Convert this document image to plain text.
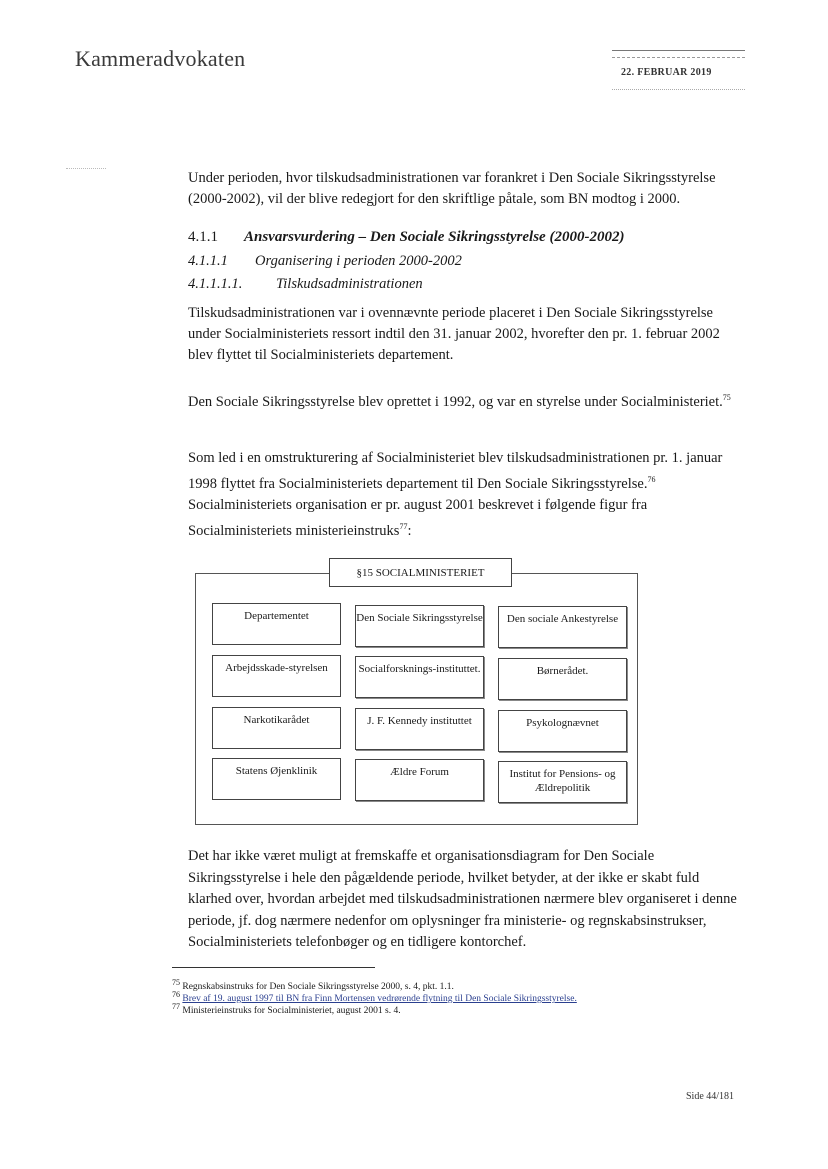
Kammeradvokaten
22. FEBRUAR 2019
Under perioden, hvor tilskudsadministrationen var forankret i Den Sociale Sikringsstyrelse (2000-2002), vil der blive redegjort for den skriftlige påtale, som BN modtog i 2000.
4.1.1 Ansvarsvurdering – Den Sociale Sikringsstyrelse (2000-2002)
4.1.1.1 Organisering i perioden 2000-2002
4.1.1.1.1. Tilskudsadministrationen
Tilskudsadministrationen var i ovennævnte periode placeret i Den Sociale Sikringsstyrelse under Socialministeriets ressort indtil den 31. januar 2002, hvorefter den pr. 1. februar 2002 blev flyttet til Socialministeriets departement.
Den Sociale Sikringsstyrelse blev oprettet i 1992, og var en styrelse under Socialministeriet.$^{75}$
Som led i en omstrukturering af Socialministeriet blev tilskudsadministrationen pr. 1. januar 1998 flyttet fra Socialministeriets departement til Den Sociale Sikringsstyrelse.$^{76}$ Socialministeriets organisation er pr. august 2001 beskrevet i følgende figur fra Socialministeriets ministerieinstruks$^{77}$:
§15 SOCIALMINISTERIET
Departementet	Den Sociale Sikringsstyrelse	Den sociale Ankestyrelse
Arbejdsskade-styrelsen	Socialforsknings-instituttet.	Børnerådet.
Narkotikarådet	J. F. Kennedy instituttet	Psykolognævnet
Statens Øjenklinik	Ældre Forum	Institut for Pensions- og Ældrepolitik
Det har ikke været muligt at fremskaffe et organisationsdiagram for Den Sociale Sikringsstyrelse i hele den pågældende periode, hvilket betyder, at der ikke er skabt fuld klarhed over, hvordan arbejdet med tilskudsadministrationen nærmere blev organiseret i denne periode, jf. dog nærmere nedenfor om oplysninger fra ministerie- og regnskabsinstrukser, Socialministeriets telefonbøger og en tidligere kontorchef.
$^{75}$ Regnskabsinstruks for Den Sociale Sikringsstyrelse 2000, s. 4, pkt. 1.1.
$^{76}$ Brev af 19. august 1997 til BN fra Finn Mortensen vedrørende flytning til Den Sociale Sikringsstyrelse.
$^{77}$ Ministerieinstruks for Socialministeriet, august 2001 s. 4.
Side 44/181
